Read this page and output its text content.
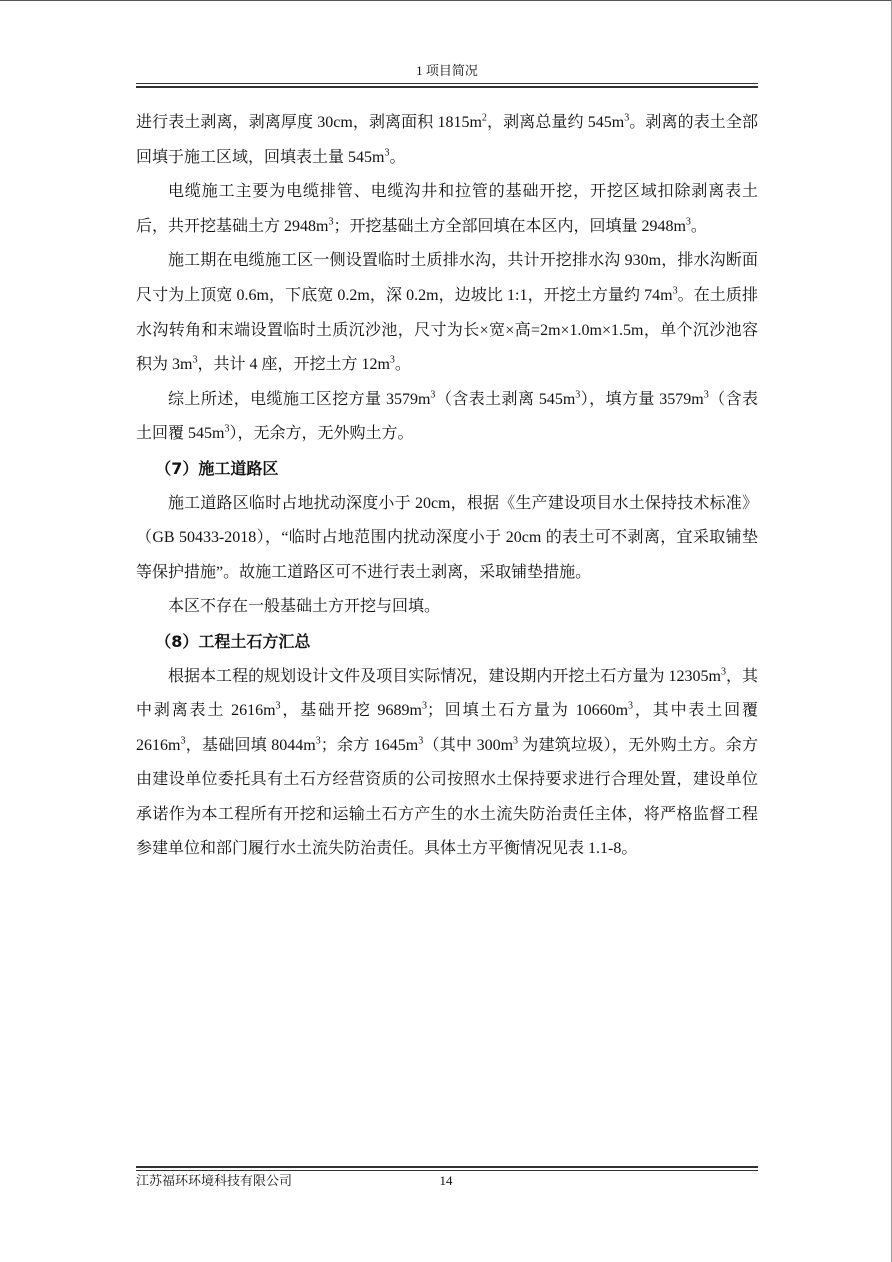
1 项目简况

进行表土剥离，剥离厚度 30cm，剥离面积 $1815m^2$，剥离总量约 $545m^3$。剥离的表土全部回填于施工区域，回填表土量 $545m^3$。

电缆施工主要为电缆排管、电缆沟井和拉管的基础开挖，开挖区域扣除剥离表土后，共开挖基础土方 $2948m^3$；开挖基础土方全部回填在本区内，回填量 $2948m^3$。

施工期在电缆施工区一侧设置临时土质排水沟，共计开挖排水沟 930m，排水沟断面尺寸为上顶宽 0.6m，下底宽 0.2m，深 0.2m，边坡比 1:1，开挖土方量约 $74m^3$。在土质排水沟转角和末端设置临时土质沉沙池，尺寸为长×宽×高=2m×1.0m×1.5m，单个沉沙池容积为 $3m^3$，共计 4 座，开挖土方 $12m^3$。

综上所述，电缆施工区挖方量 $3579m^3$（含表土剥离 $545m^3$），填方量 $3579m^3$（含表土回覆 $545m^3$），无余方，无外购土方。

（7）施工道路区

施工道路区临时占地扰动深度小于 20cm，根据《生产建设项目水土保持技术标准》（GB 50433-2018），“临时占地范围内扰动深度小于 20cm 的表土可不剥离，宜采取铺垫等保护措施”。故施工道路区可不进行表土剥离，采取铺垫措施。

本区不存在一般基础土方开挖与回填。

（8）工程土石方汇总

根据本工程的规划设计文件及项目实际情况，建设期内开挖土石方量为 $12305m^3$，其中剥离表土 $2616m^3$，基础开挖 $9689m^3$；回填土石方量为 $10660m^3$，其中表土回覆 $2616m^3$，基础回填 $8044m^3$；余方 $1645m^3$（其中 $300m^3$ 为建筑垃圾），无外购土方。余方由建设单位委托具有土石方经营资质的公司按照水土保持要求进行合理处置，建设单位承诺作为本工程所有开挖和运输土石方产生的水土流失防治责任主体，将严格监督工程参建单位和部门履行水土流失防治责任。具体土方平衡情况见表 1.1-8。

江苏福环环境科技有限公司	14
